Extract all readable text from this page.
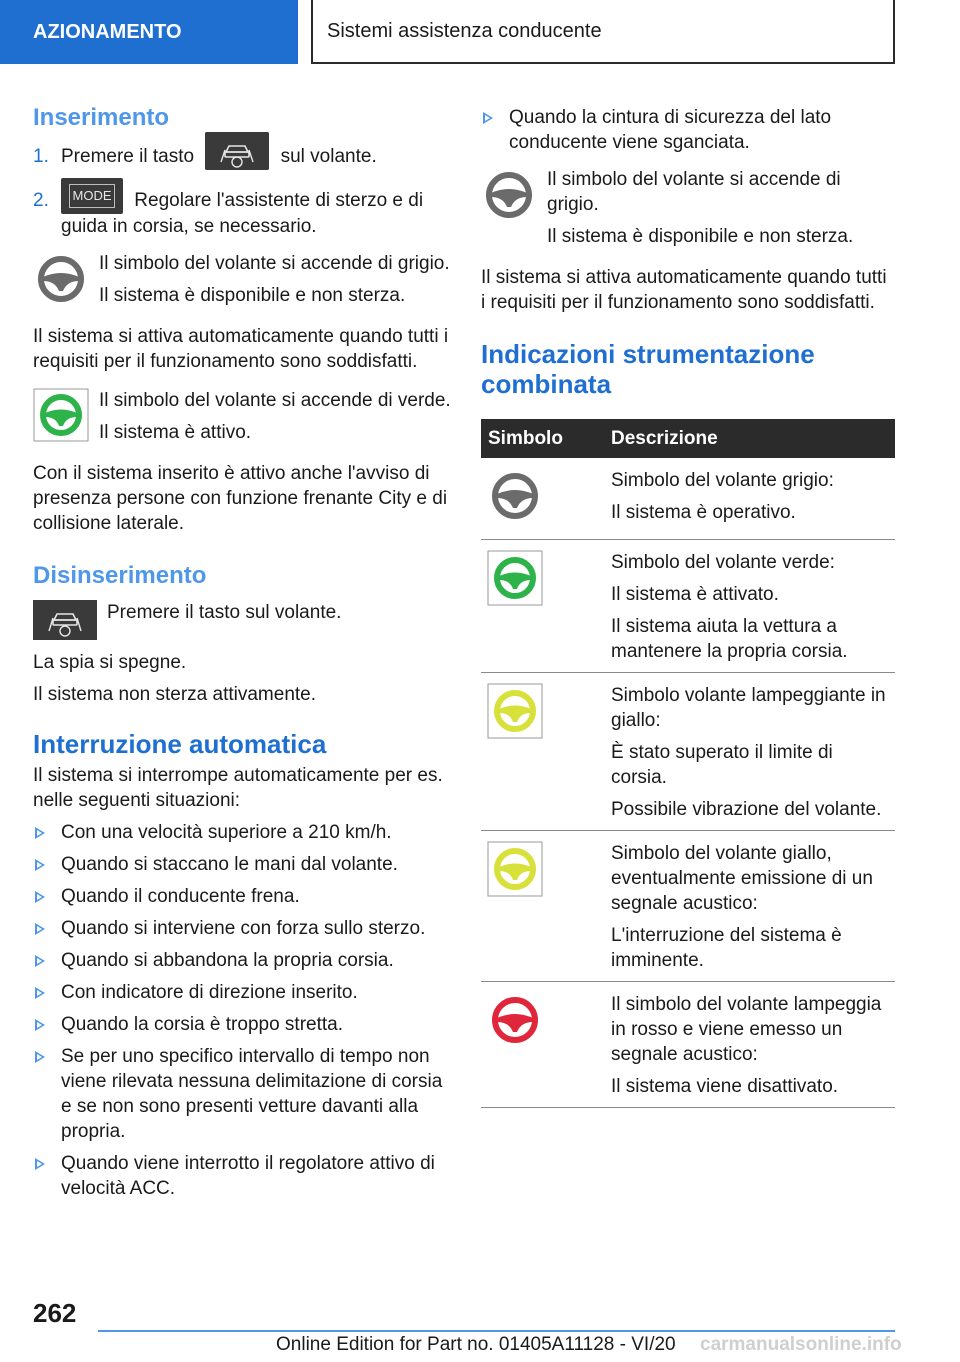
AZIONAMENTO	Sistemi assistenza conducente
Inserimento
1. Premere il tasto	sul volante.
2. MODE Regolare l'assistente di sterzo e di guida in corsia, se necessario.

Il simbolo del volante si accende di grigio.

Il sistema è disponibile e non sterza.

Il sistema si attiva automaticamente quando tutti i requisiti per il funzionamento sono soddisfatti.

Il simbolo del volante si accende di verde.

Il sistema è attivo.

Con il sistema inserito è attivo anche l'avviso di presenza persone con funzione frenante City e di collisione laterale.

Disinserimento

Premere il tasto sul volante.

La spia si spegne.

Il sistema non sterza attivamente.

Interruzione automatica

Il sistema si interrompe automaticamente per es. nelle seguenti situazioni:

Con una velocità superiore a 210 km/h.
Quando si staccano le mani dal volante.
Quando il conducente frena.
Quando si interviene con forza sullo sterzo.
Quando si abbandona la propria corsia.
Con indicatore di direzione inserito.
Quando la corsia è troppo stretta.
Se per uno specifico intervallo di tempo non viene rilevata nessuna delimitazione di corsia e se non sono presenti vetture davanti alla propria.
Quando viene interrotto il regolatore attivo di velocità ACC.
Quando la cintura di sicurezza del lato conducente viene sganciata.

Il simbolo del volante si accende di grigio.

Il sistema è disponibile e non sterza.

Il sistema si attiva automaticamente quando tutti i requisiti per il funzionamento sono soddisfatti.

Indicazioni strumentazione combinata
Simbolo	Descrizione

Simbolo del volante grigio:

Il sistema è operativo.

Simbolo del volante verde:

Il sistema è attivato.

Il sistema aiuta la vettura a mantenere la propria corsia.

Simbolo volante lampeggiante in giallo:

È stato superato il limite di corsia.

Possibile vibrazione del volante.

Simbolo del volante giallo, eventualmente emissione di un segnale acustico:

L'interruzione del sistema è imminente.

Il simbolo del volante lampeggia in rosso e viene emesso un segnale acustico:

Il sistema viene disattivato.

262
Online Edition for Part no. 01405A11128 - VI/20 carmanualsonline.info
